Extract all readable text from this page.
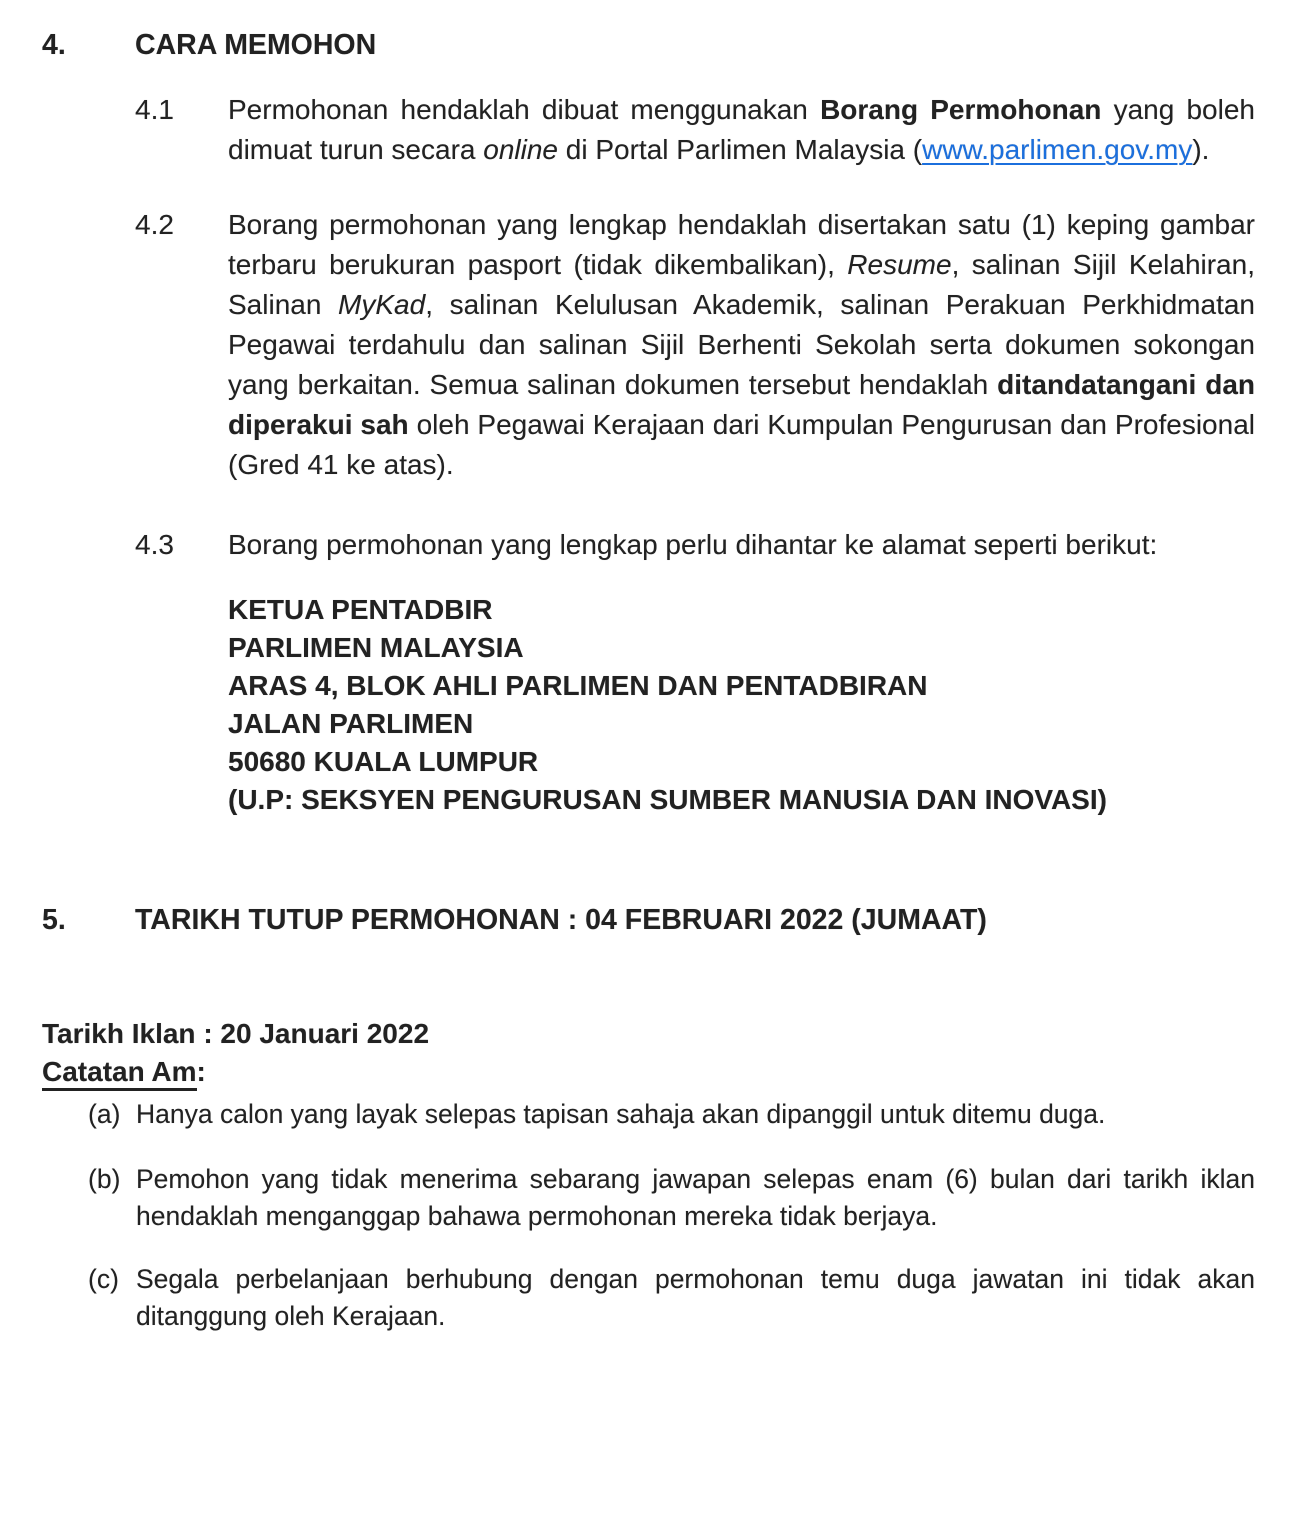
4.	CARA MEMOHON
4.1	Permohonan hendaklah dibuat menggunakan Borang Permohonan yang boleh dimuat turun secara online di Portal Parlimen Malaysia (www.parlimen.gov.my).
4.2	Borang permohonan yang lengkap hendaklah disertakan satu (1) keping gambar terbaru berukuran pasport (tidak dikembalikan), Resume, salinan Sijil Kelahiran, Salinan MyKad, salinan Kelulusan Akademik, salinan Perakuan Perkhidmatan Pegawai terdahulu dan salinan Sijil Berhenti Sekolah serta dokumen sokongan yang berkaitan. Semua salinan dokumen tersebut hendaklah ditandatangani dan diperakui sah oleh Pegawai Kerajaan dari Kumpulan Pengurusan dan Profesional (Gred 41 ke atas).
4.3	Borang permohonan yang lengkap perlu dihantar ke alamat seperti berikut:
KETUA PENTADBIR
PARLIMEN MALAYSIA
ARAS 4, BLOK AHLI PARLIMEN DAN PENTADBIRAN
JALAN PARLIMEN
50680 KUALA LUMPUR
(U.P: SEKSYEN PENGURUSAN SUMBER MANUSIA DAN INOVASI)
5.	TARIKH TUTUP PERMOHONAN : 04 FEBRUARI 2022 (JUMAAT)
Tarikh Iklan : 20 Januari 2022
Catatan Am:
(a) Hanya calon yang layak selepas tapisan sahaja akan dipanggil untuk ditemu duga.
(b) Pemohon yang tidak menerima sebarang jawapan selepas enam (6) bulan dari tarikh iklan hendaklah menganggap bahawa permohonan mereka tidak berjaya.
(c) Segala perbelanjaan berhubung dengan permohonan temu duga jawatan ini tidak akan ditanggung oleh Kerajaan.
